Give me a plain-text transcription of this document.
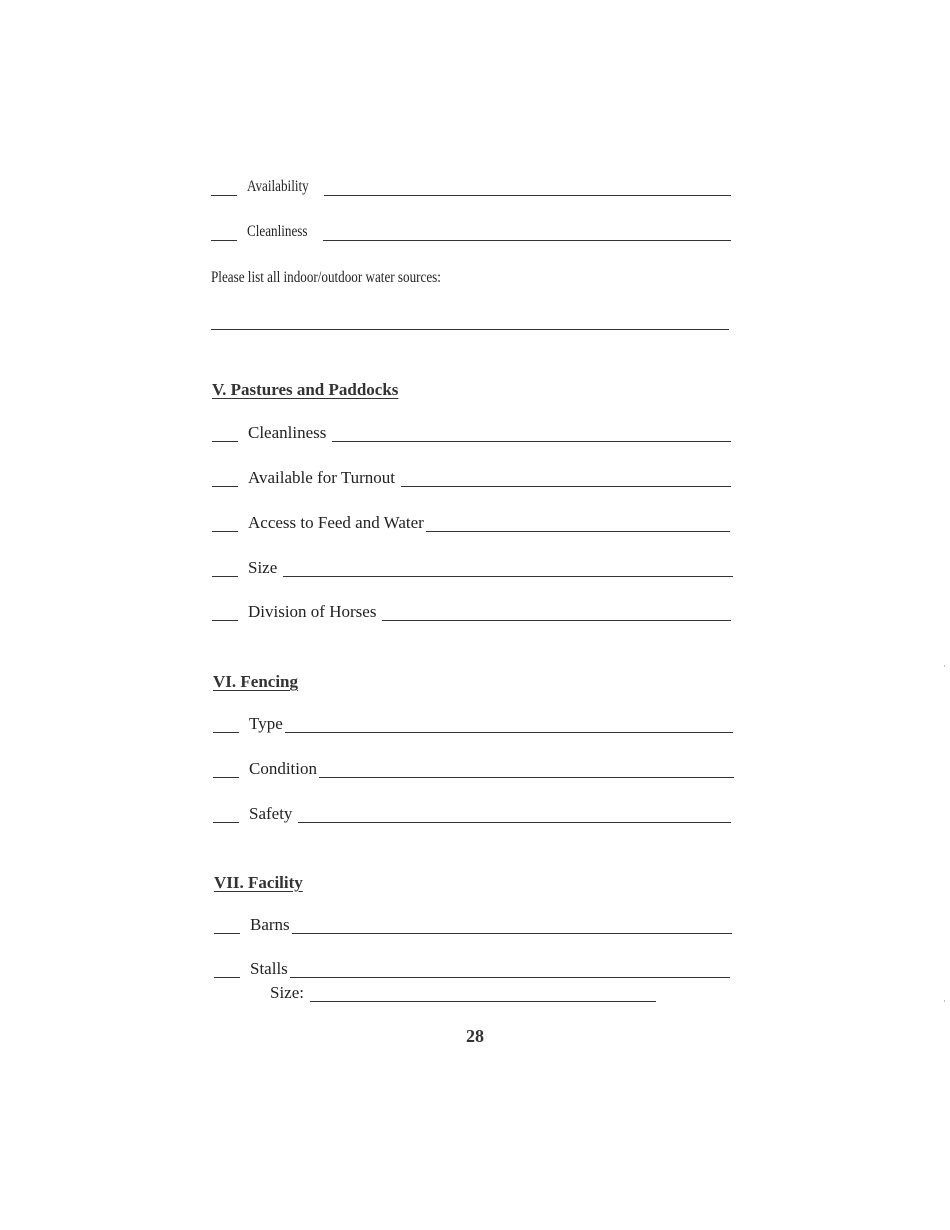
Availability
Cleanliness
Please list all indoor/outdoor water sources:
V. Pastures and Paddocks
Cleanliness
Available for Turnout
Access to Feed and Water
Size
Division of Horses
VI. Fencing
Type
Condition
Safety
VII. Facility
Barns
Stalls
Size:
28
